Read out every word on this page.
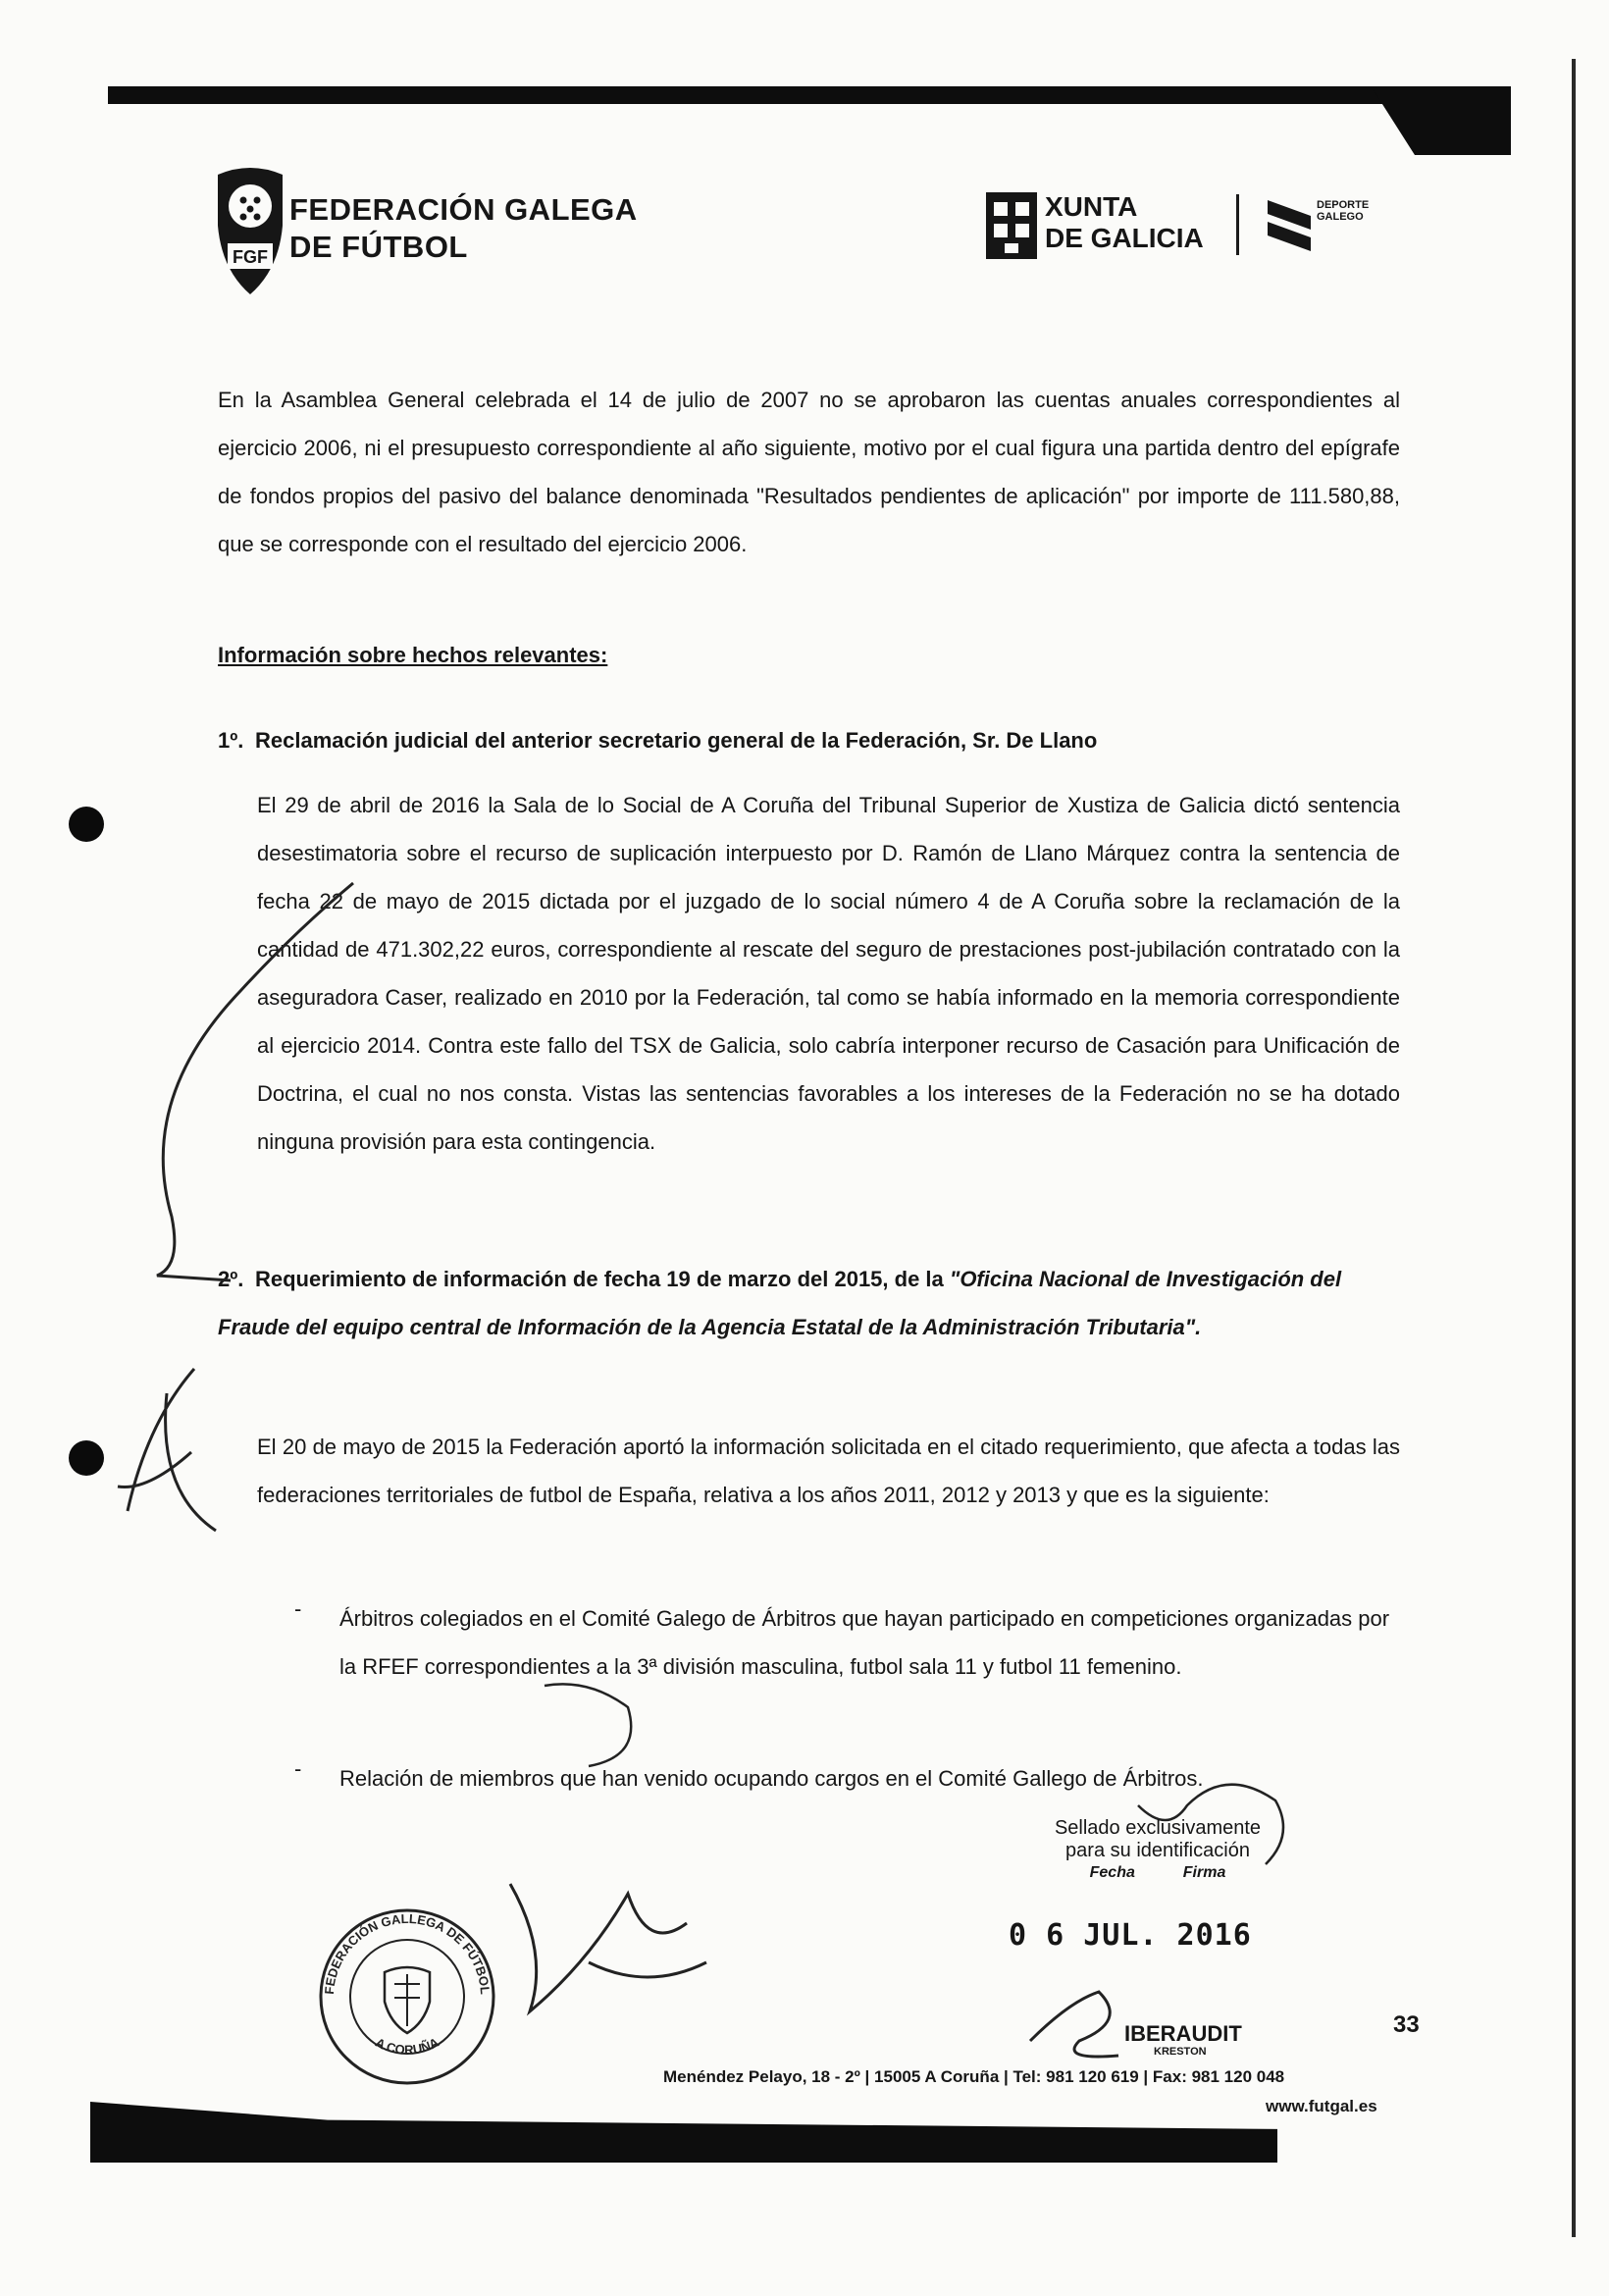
FGF
FEDERACIÓN GALEGA
DE FÚTBOL
XUNTA
DE GALICIA
DEPORTE
GALEGO
En la Asamblea General celebrada el 14 de julio de 2007 no se aprobaron las cuentas anuales correspondientes al ejercicio 2006, ni el presupuesto correspondiente al año siguiente, motivo por el cual figura una partida dentro del epígrafe de fondos propios del pasivo del balance denominada "Resultados pendientes de aplicación" por importe de 111.580,88, que se corresponde con el resultado del ejercicio 2006.
Información sobre hechos relevantes:
1º. Reclamación judicial del anterior secretario general de la Federación, Sr. De Llano
El 29 de abril de 2016 la Sala de lo Social de A Coruña del Tribunal Superior de Xustiza de Galicia dictó sentencia desestimatoria sobre el recurso de suplicación interpuesto por D. Ramón de Llano Márquez contra la sentencia de fecha 22 de mayo de 2015 dictada por el juzgado de lo social número 4 de A Coruña sobre la reclamación de la cantidad de 471.302,22 euros, correspondiente al rescate del seguro de prestaciones post-jubilación contratado con la aseguradora Caser, realizado en 2010 por la Federación, tal como se había informado en la memoria correspondiente al ejercicio 2014. Contra este fallo del TSX de Galicia, solo cabría interponer recurso de Casación para Unificación de Doctrina, el cual no nos consta. Vistas las sentencias favorables a los intereses de la Federación no se ha dotado ninguna provisión para esta contingencia.
2º. Requerimiento de información de fecha 19 de marzo del 2015, de la "Oficina Nacional de Investigación del Fraude del equipo central de Información de la Agencia Estatal de la Administración Tributaria".
El 20 de mayo de 2015 la Federación aportó la información solicitada en el citado requerimiento, que afecta a todas las federaciones territoriales de futbol de España, relativa a los años 2011, 2012 y 2013 y que es la siguiente:
- Árbitros colegiados en el Comité Galego de Árbitros que hayan participado en competiciones organizadas por la RFEF correspondientes a la 3ª división masculina, futbol sala 11 y futbol 11 femenino.
- Relación de miembros que han venido ocupando cargos en el Comité Gallego de Árbitros.
FEDERACIÓN GALLEGA DE FÚTBOL
A CORUÑA
Sellado exclusivamente
para su identificación
Fecha	Firma
0 6 JUL. 2016
IBERAUDIT
KRESTON
33
Menéndez Pelayo, 18 - 2º | 15005 A Coruña | Tel: 981 120 619 | Fax: 981 120 048
www.futgal.es
